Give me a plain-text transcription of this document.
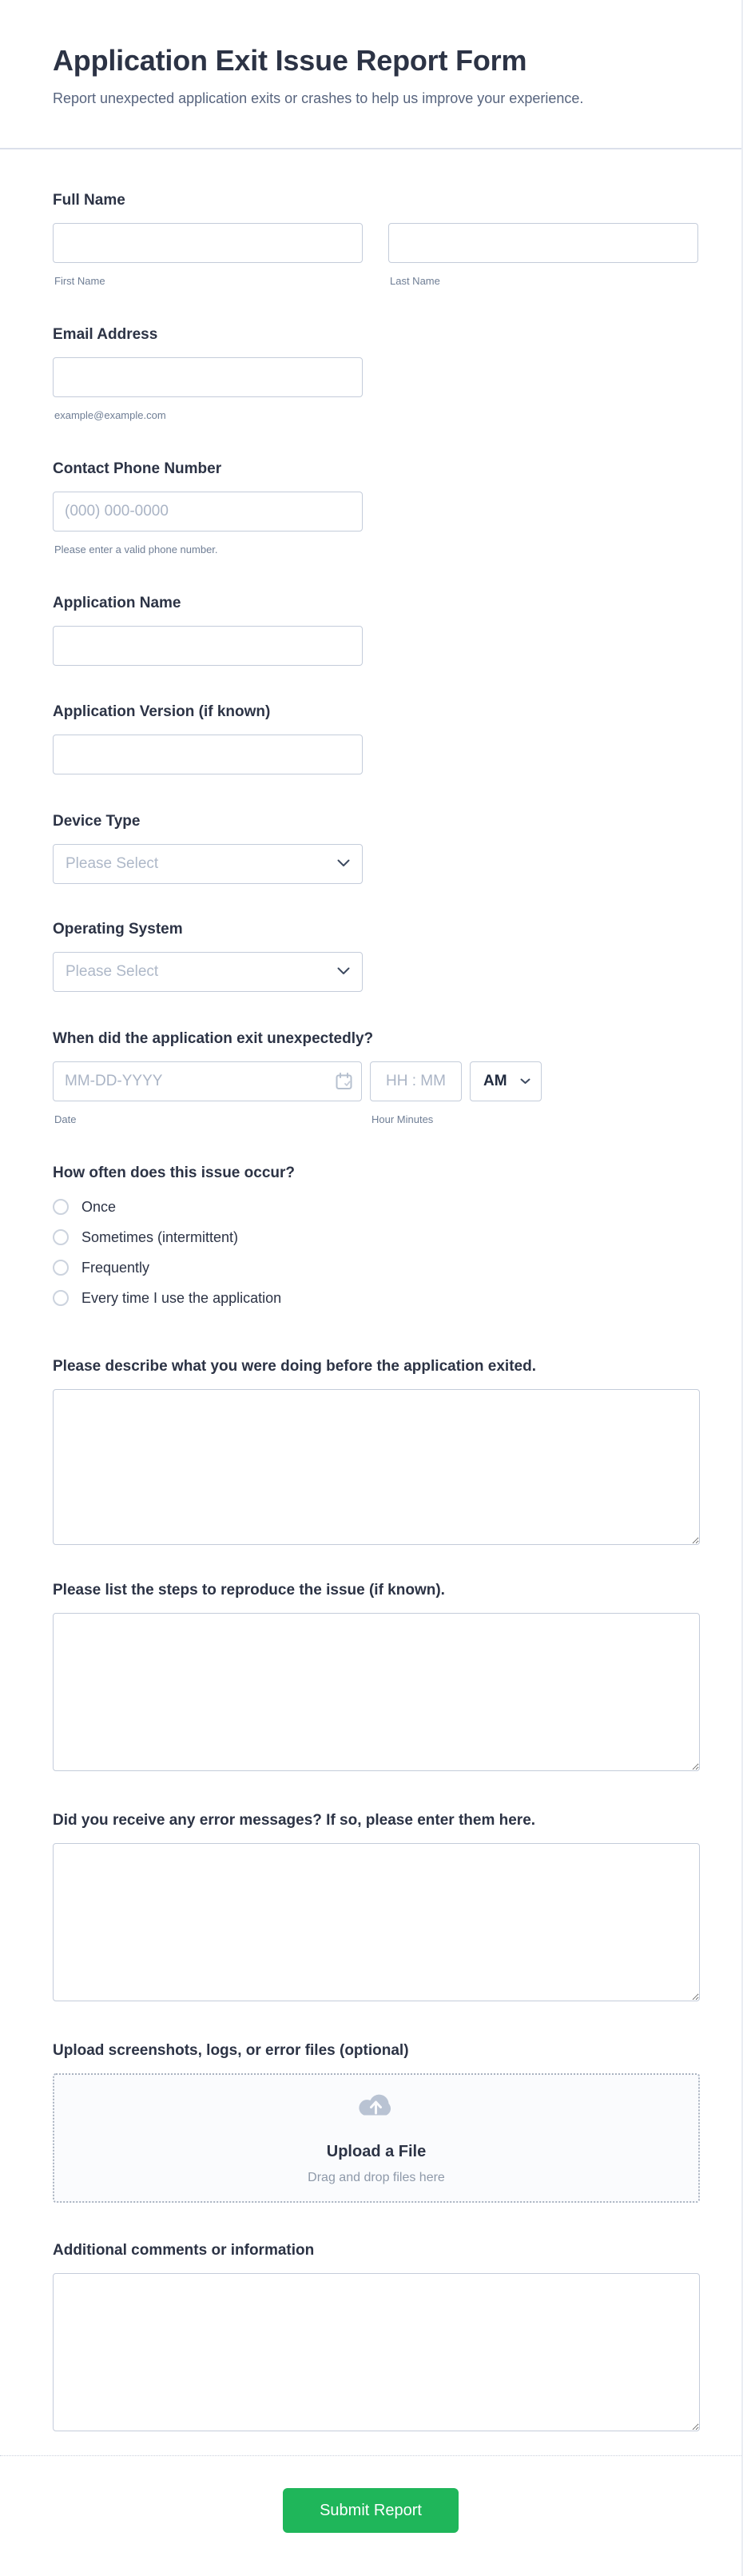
Application Exit Issue Report Form
Report unexpected application exits or crashes to help us improve your experience.
Full Name
First Name	Last Name
Email Address
example@example.com
Contact Phone Number
(000) 000-0000
Please enter a valid phone number.
Application Name
Application Version (if known)
Device Type
Please Select
Operating System
Please Select
When did the application exit unexpectedly?
MM-DD-YYYY
Date
HH : MM	Hour Minutes
AM
How often does this issue occur?
Once
Sometimes (intermittent)
Frequently
Every time I use the application
Please describe what you were doing before the application exited.
Please list the steps to reproduce the issue (if known).
Did you receive any error messages? If so, please enter them here.
Upload screenshots, logs, or error files (optional)
Upload a File
Drag and drop files here
Additional comments or information
Submit Report
